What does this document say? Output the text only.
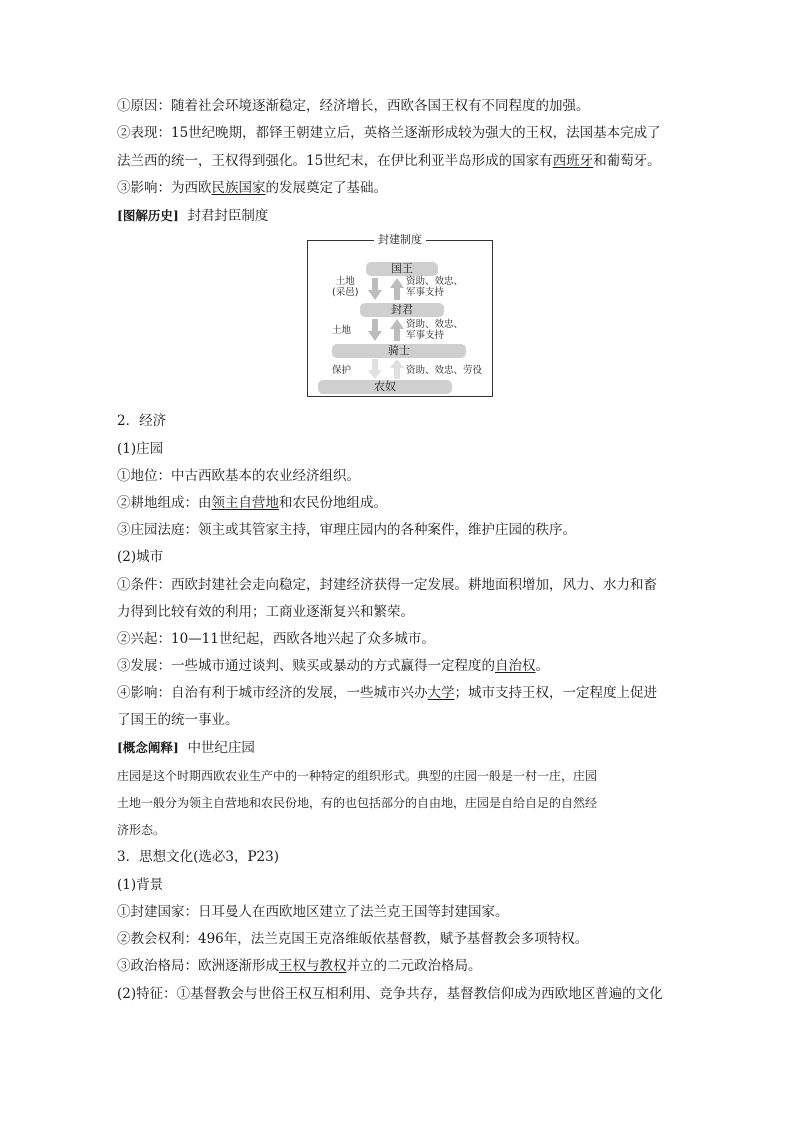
①原因：随着社会环境逐渐稳定，经济增长，西欧各国王权有不同程度的加强。
②表现：15世纪晚期，都铎王朝建立后，英格兰逐渐形成较为强大的王权，法国基本完成了
法兰西的统一，王权得到强化。15世纪末，在伊比利亚半岛形成的国家有西班牙和葡萄牙。
③影响：为西欧民族国家的发展奠定了基础。
[图解历史] 封君封臣制度
封建制度
国王
封君
骑士
农奴
土地
(采邑)
土地
保护
资助、效忠、
军事支持
资助、效忠、
军事支持
资助、效忠、劳役
2．经济
(1)庄园
①地位：中古西欧基本的农业经济组织。
②耕地组成：由领主自营地和农民份地组成。
③庄园法庭：领主或其管家主持，审理庄园内的各种案件，维护庄园的秩序。
(2)城市
①条件：西欧封建社会走向稳定，封建经济获得一定发展。耕地面积增加，风力、水力和畜
力得到比较有效的利用；工商业逐渐复兴和繁荣。
②兴起：10—11世纪起，西欧各地兴起了众多城市。
③发展：一些城市通过谈判、赎买或暴动的方式赢得一定程度的自治权。
④影响：自治有利于城市经济的发展，一些城市兴办大学；城市支持王权，一定程度上促进
了国王的统一事业。
[概念阐释] 中世纪庄园
庄园是这个时期西欧农业生产中的一种特定的组织形式。典型的庄园一般是一村一庄，庄园
土地一般分为领主自营地和农民份地，有的也包括部分的自由地，庄园是自给自足的自然经
济形态。
3．思想文化(选必3，P23)
(1)背景
①封建国家：日耳曼人在西欧地区建立了法兰克王国等封建国家。
②教会权利：496年，法兰克国王克洛维皈依基督教，赋予基督教会多项特权。
③政治格局：欧洲逐渐形成王权与教权并立的二元政治格局。
(2)特征：①基督教会与世俗王权互相利用、竞争共存，基督教信仰成为西欧地区普遍的文化
